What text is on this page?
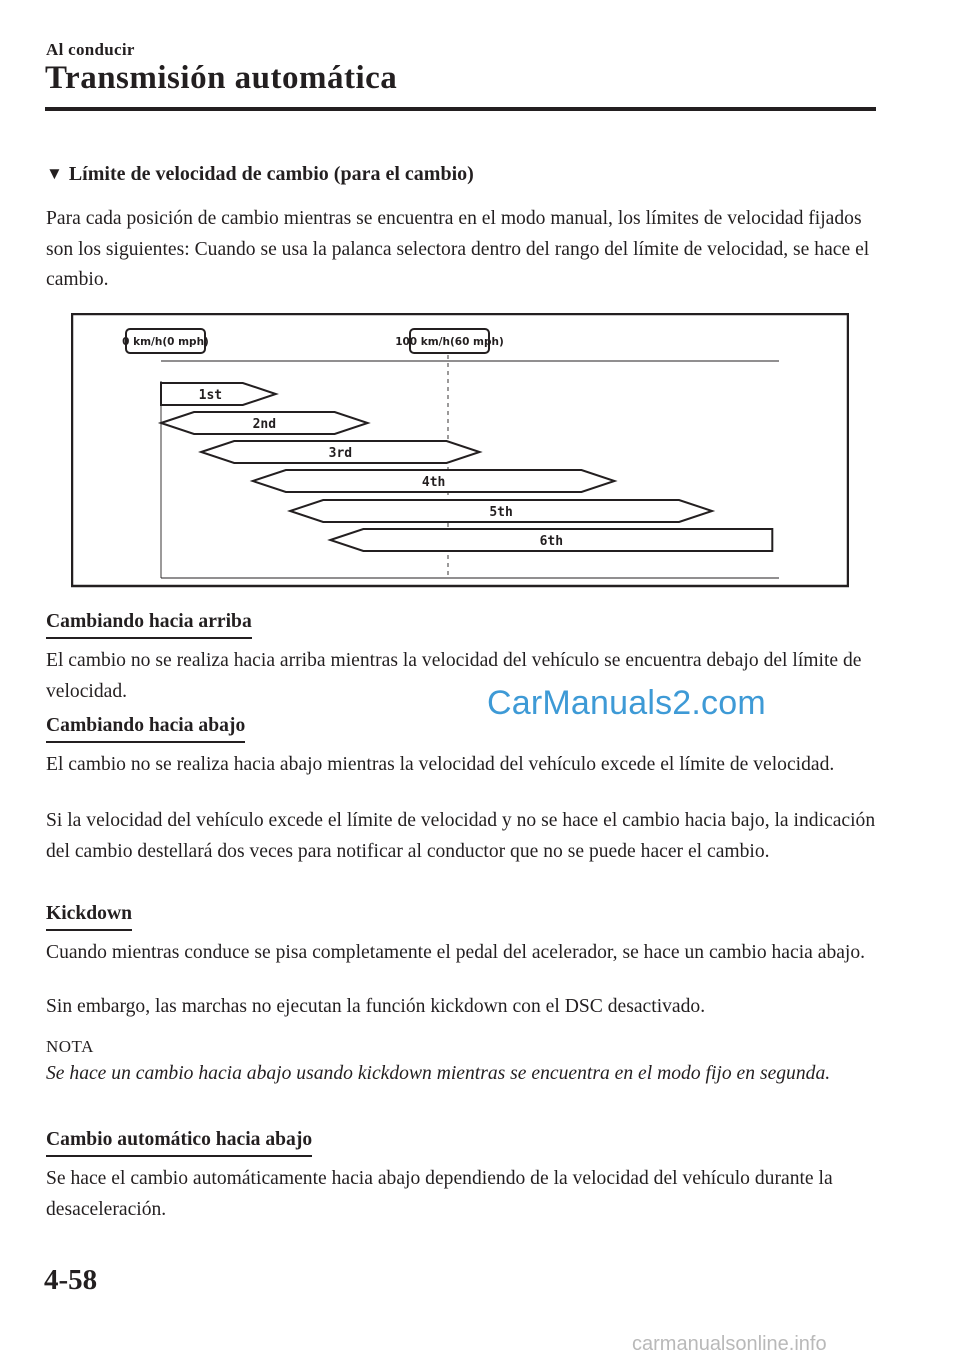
Al conducir
Transmisión automática
▼ Límite de velocidad de cambio (para el cambio)

Para cada posición de cambio mientras se encuentra en el modo manual, los límites de velocidad fijados son los siguientes: Cuando se usa la palanca selectora dentro del rango del límite de velocidad, se hace el cambio.

0 km/h(0 mph)	100 km/h(60 mph)
1st
2nd
3rd
4th
5th
6th
Cambiando hacia arriba

El cambio no se realiza hacia arriba mientras la velocidad del vehículo se encuentra debajo del límite de velocidad.

Cambiando hacia abajo

El cambio no se realiza hacia abajo mientras la velocidad del vehículo excede el límite de velocidad.

Si la velocidad del vehículo excede el límite de velocidad y no se hace el cambio hacia bajo, la indicación del cambio destellará dos veces para notificar al conductor que no se puede hacer el cambio.

Kickdown

Cuando mientras conduce se pisa completamente el pedal del acelerador, se hace un cambio hacia abajo.

Sin embargo, las marchas no ejecutan la función kickdown con el DSC desactivado.

NOTA

Se hace un cambio hacia abajo usando kickdown mientras se encuentra en el modo fijo en segunda.

Cambio automático hacia abajo

Se hace el cambio automáticamente hacia abajo dependiendo de la velocidad del vehículo durante la desaceleración.

CarManuals2.com
4-58
carmanualsonline.info
